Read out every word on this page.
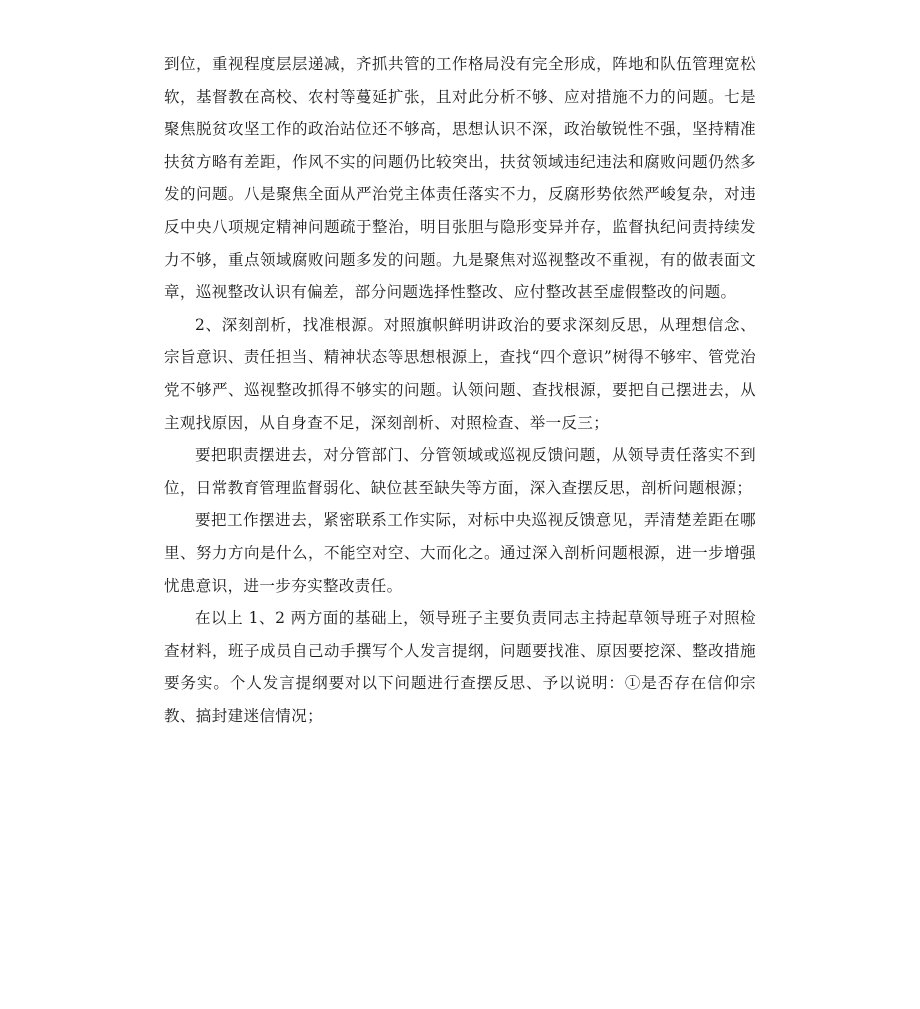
到位，重视程度层层递减，齐抓共管的工作格局没有完全形成，阵地和队伍管理宽松软，基督教在高校、农村等蔓延扩张，且对此分析不够、应对措施不力的问题。七是聚焦脱贫攻坚工作的政治站位还不够高，思想认识不深，政治敏锐性不强，坚持精准扶贫方略有差距，作风不实的问题仍比较突出，扶贫领域违纪违法和腐败问题仍然多发的问题。八是聚焦全面从严治党主体责任落实不力，反腐形势依然严峻复杂，对违反中央八项规定精神问题疏于整治，明目张胆与隐形变异并存，监督执纪问责持续发力不够，重点领域腐败问题多发的问题。九是聚焦对巡视整改不重视，有的做表面文章，巡视整改认识有偏差，部分问题选择性整改、应付整改甚至虚假整改的问题。

2、深刻剖析，找准根源。对照旗帜鲜明讲政治的要求深刻反思，从理想信念、宗旨意识、责任担当、精神状态等思想根源上，查找“四个意识”树得不够牢、管党治党不够严、巡视整改抓得不够实的问题。认领问题、查找根源，要把自己摆进去，从主观找原因，从自身查不足，深刻剖析、对照检查、举一反三；

要把职责摆进去，对分管部门、分管领域或巡视反馈问题，从领导责任落实不到位，日常教育管理监督弱化、缺位甚至缺失等方面，深入查摆反思，剖析问题根源；

要把工作摆进去，紧密联系工作实际，对标中央巡视反馈意见，弄清楚差距在哪里、努力方向是什么，不能空对空、大而化之。通过深入剖析问题根源，进一步增强忧患意识，进一步夯实整改责任。

在以上 1、2 两方面的基础上，领导班子主要负责同志主持起草领导班子对照检查材料，班子成员自己动手撰写个人发言提纲，问题要找准、原因要挖深、整改措施要务实。个人发言提纲要对以下问题进行查摆反思、予以说明：①是否存在信仰宗教、搞封建迷信情况；
